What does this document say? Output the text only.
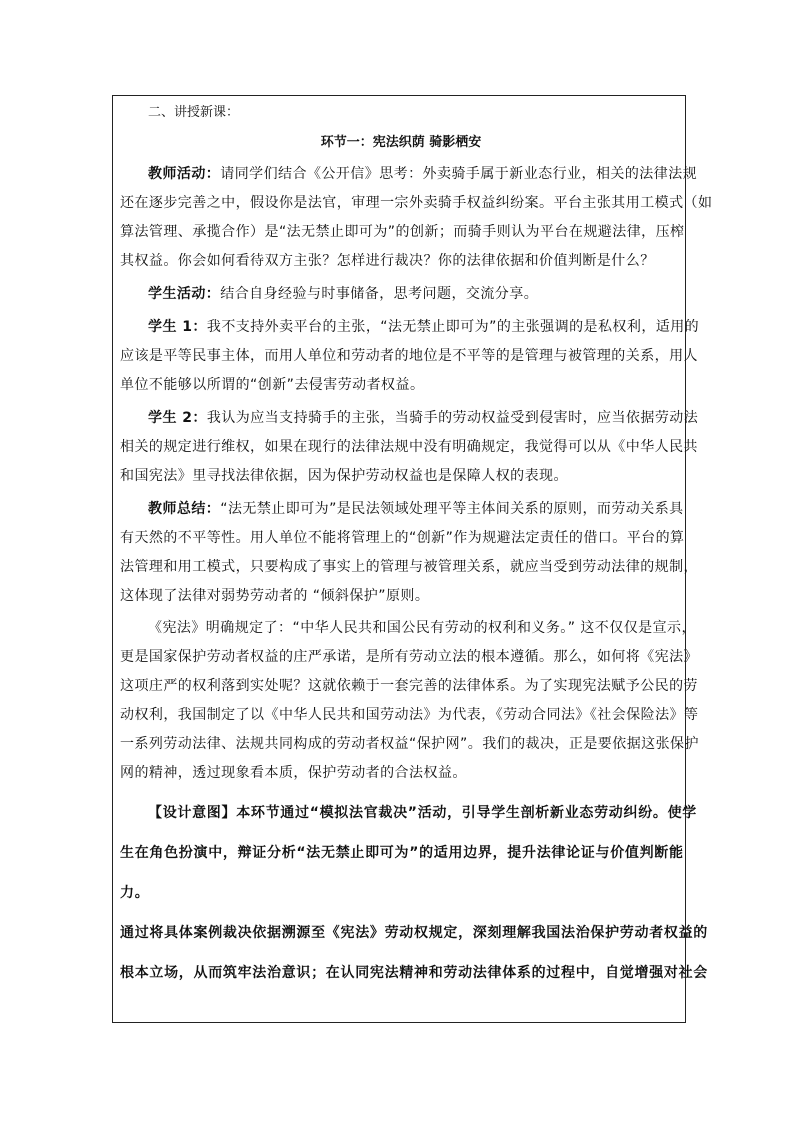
二、讲授新课：

环节一：宪法织荫 骑影栖安

教师活动：请同学们结合《公开信》思考：外卖骑手属于新业态行业，相关的法律法规

还在逐步完善之中，假设你是法官，审理一宗外卖骑手权益纠纷案。平台主张其用工模式（如

算法管理、承揽合作）是“法无禁止即可为”的创新；而骑手则认为平台在规避法律，压榨

其权益。你会如何看待双方主张？怎样进行裁决？你的法律依据和价值判断是什么？

学生活动：结合自身经验与时事储备，思考问题，交流分享。

学生 1：我不支持外卖平台的主张，“法无禁止即可为”的主张强调的是私权利，适用的

应该是平等民事主体，而用人单位和劳动者的地位是不平等的是管理与被管理的关系，用人

单位不能够以所谓的“创新”去侵害劳动者权益。

学生 2：我认为应当支持骑手的主张，当骑手的劳动权益受到侵害时，应当依据劳动法

相关的规定进行维权，如果在现行的法律法规中没有明确规定，我觉得可以从《中华人民共

和国宪法》里寻找法律依据，因为保护劳动权益也是保障人权的表现。

教师总结：“法无禁止即可为”是民法领域处理平等主体间关系的原则，而劳动关系具

有天然的不平等性。用人单位不能将管理上的“创新”作为规避法定责任的借口。平台的算

法管理和用工模式，只要构成了事实上的管理与被管理关系，就应当受到劳动法律的规制，

这体现了法律对弱势劳动者的 “倾斜保护”原则。

《宪法》明确规定了：“中华人民共和国公民有劳动的权利和义务。” 这不仅仅是宣示，

更是国家保护劳动者权益的庄严承诺，是所有劳动立法的根本遵循。那么，如何将《宪法》

这项庄严的权利落到实处呢？这就依赖于一套完善的法律体系。为了实现宪法赋予公民的劳

动权利，我国制定了以《中华人民共和国劳动法》为代表，《劳动合同法》《社会保险法》等

一系列劳动法律、法规共同构成的劳动者权益“保护网”。我们的裁决，正是要依据这张保护

网的精神，透过现象看本质，保护劳动者的合法权益。

【设计意图】本环节通过“模拟法官裁决”活动，引导学生剖析新业态劳动纠纷。使学

生在角色扮演中，辩证分析“法无禁止即可为”的适用边界，提升法律论证与价值判断能

力。

通过将具体案例裁决依据溯源至《宪法》劳动权规定，深刻理解我国法治保护劳动者权益的

根本立场，从而筑牢法治意识；在认同宪法精神和劳动法律体系的过程中，自觉增强对社会
